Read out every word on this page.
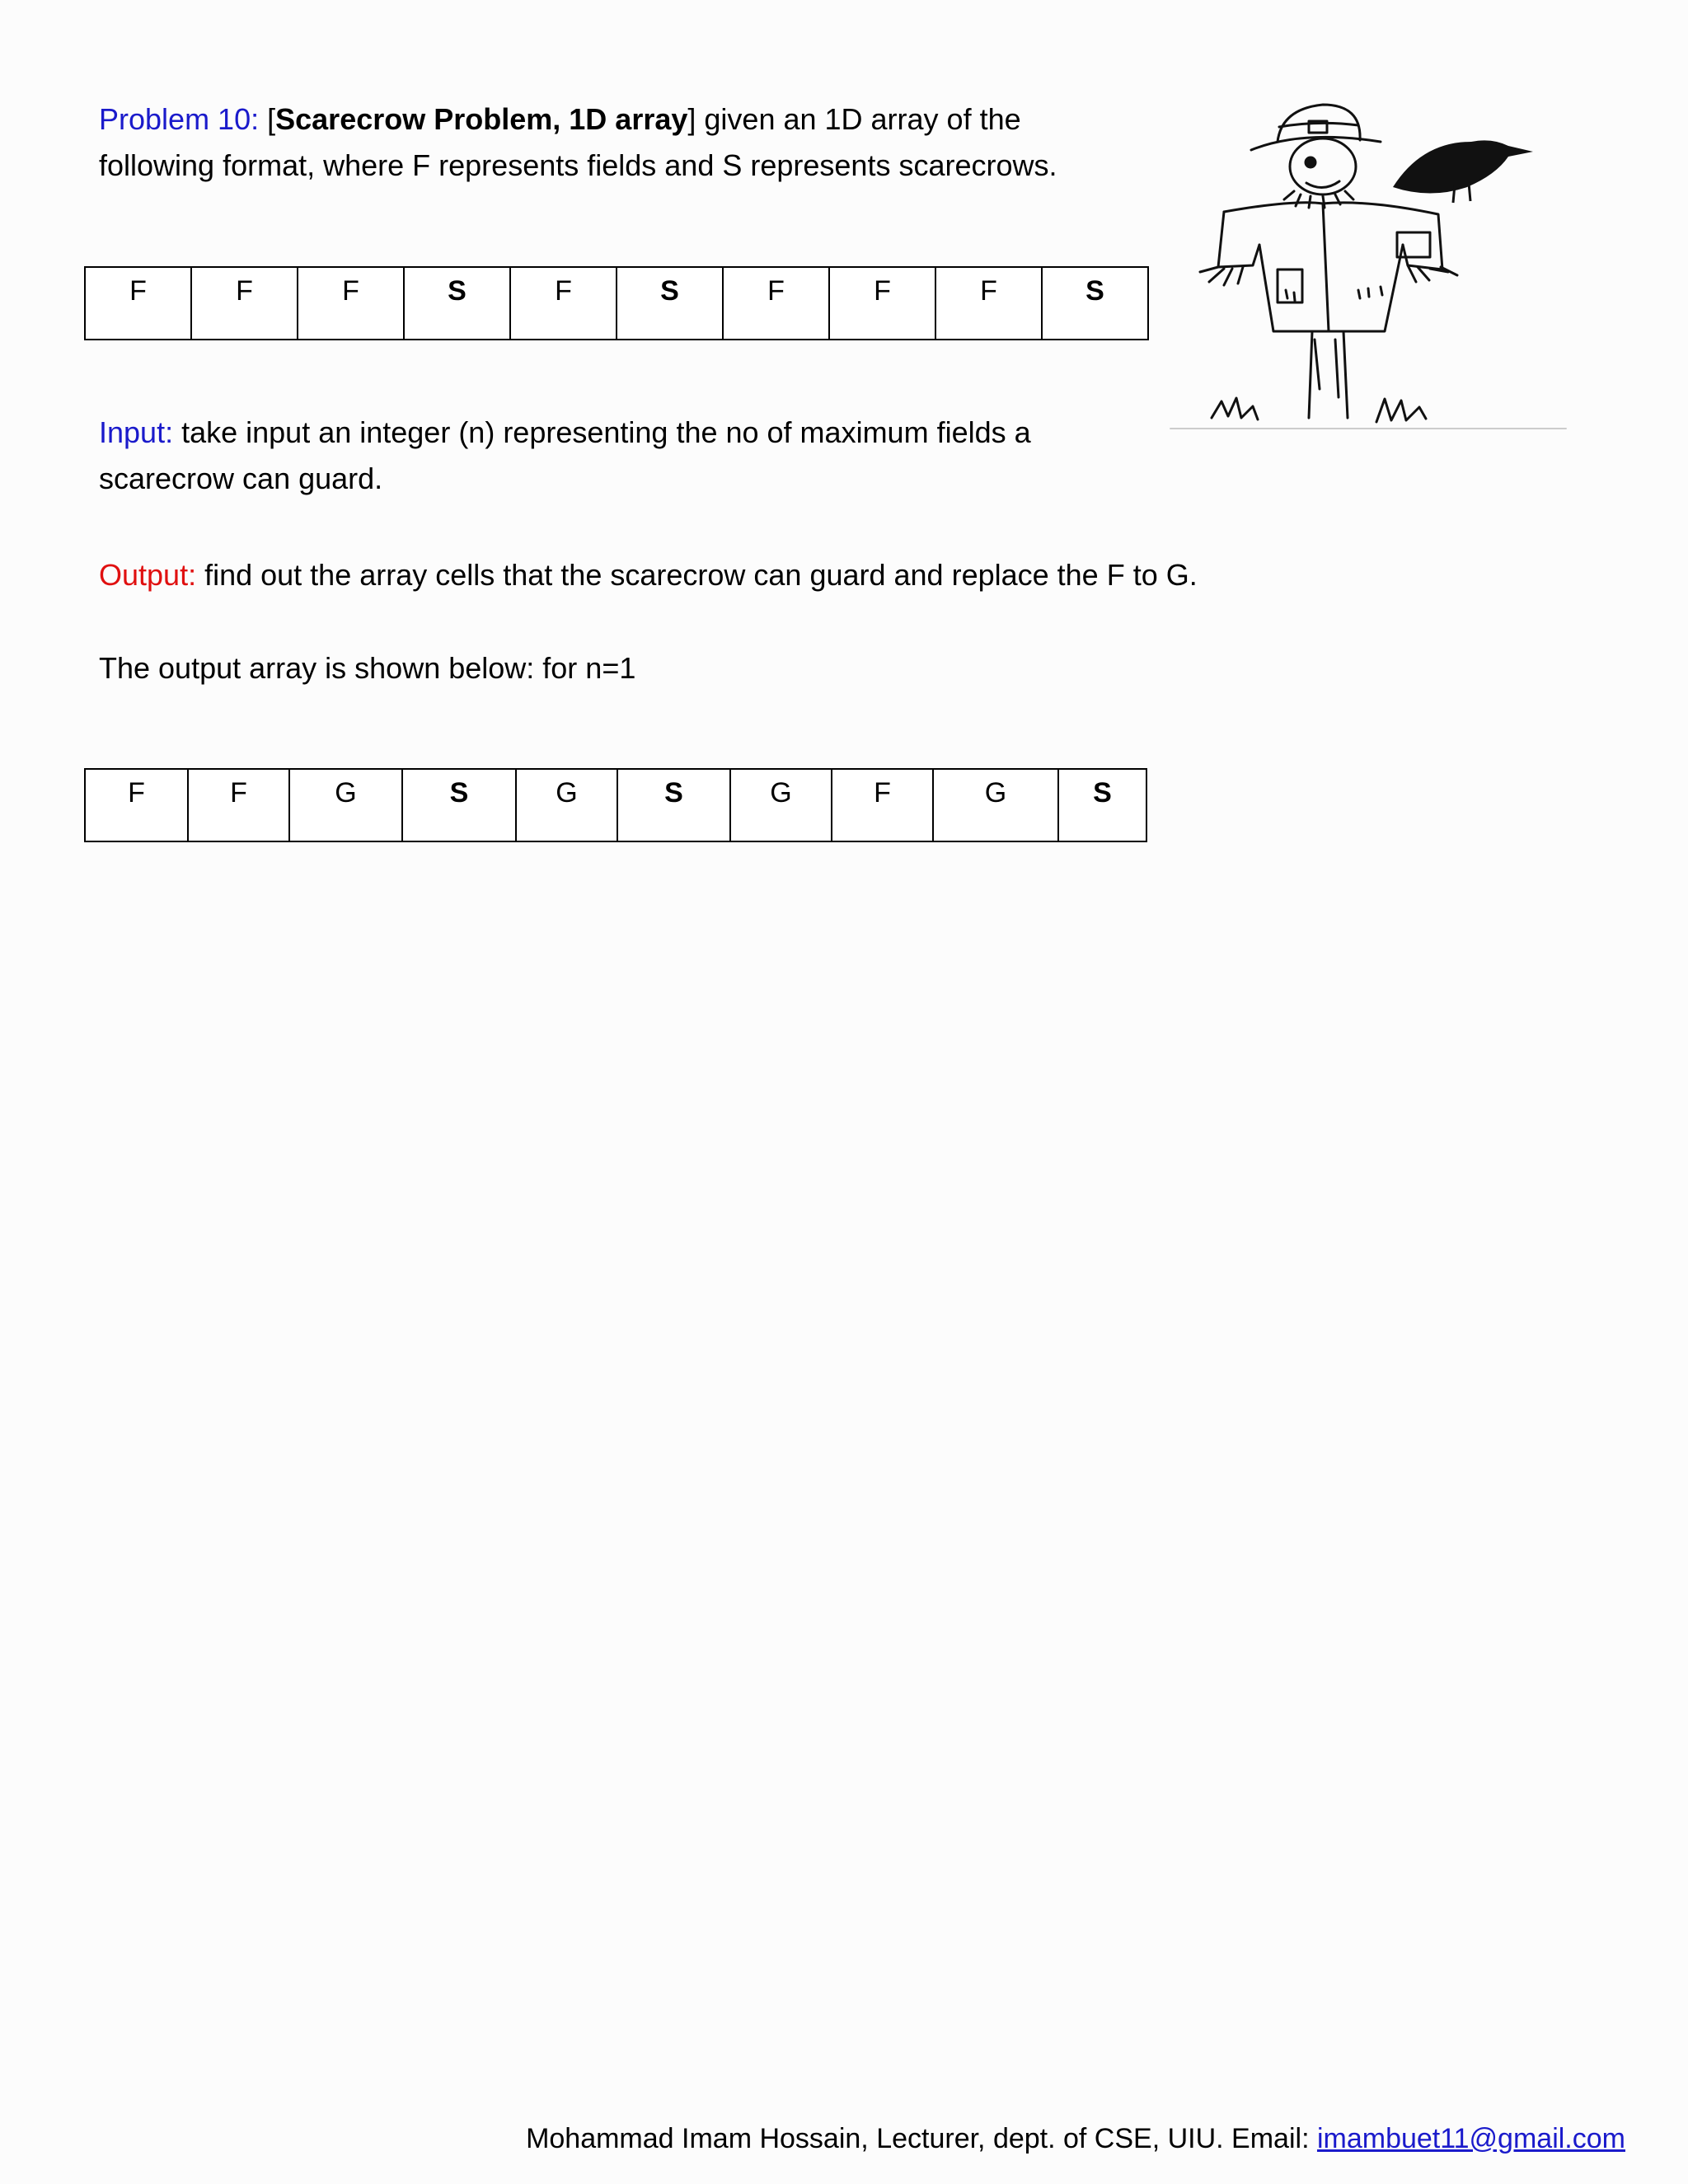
Problem 10: [Scarecrow Problem, 1D array] given an 1D array of the
following format, where F represents fields and S represents scarecrows.

F	F	F	S	F	S	F	F	F	S

Input: take input an integer (n) representing the no of maximum fields a
scarecrow can guard.

Output: find out the array cells that the scarecrow can guard and replace the F to G.

The output array is shown below: for n=1

F	F	G	S	G	S	G	F	G	S
Mohammad Imam Hossain, Lecturer, dept. of CSE, UIU. Email: imambuet11@gmail.com
